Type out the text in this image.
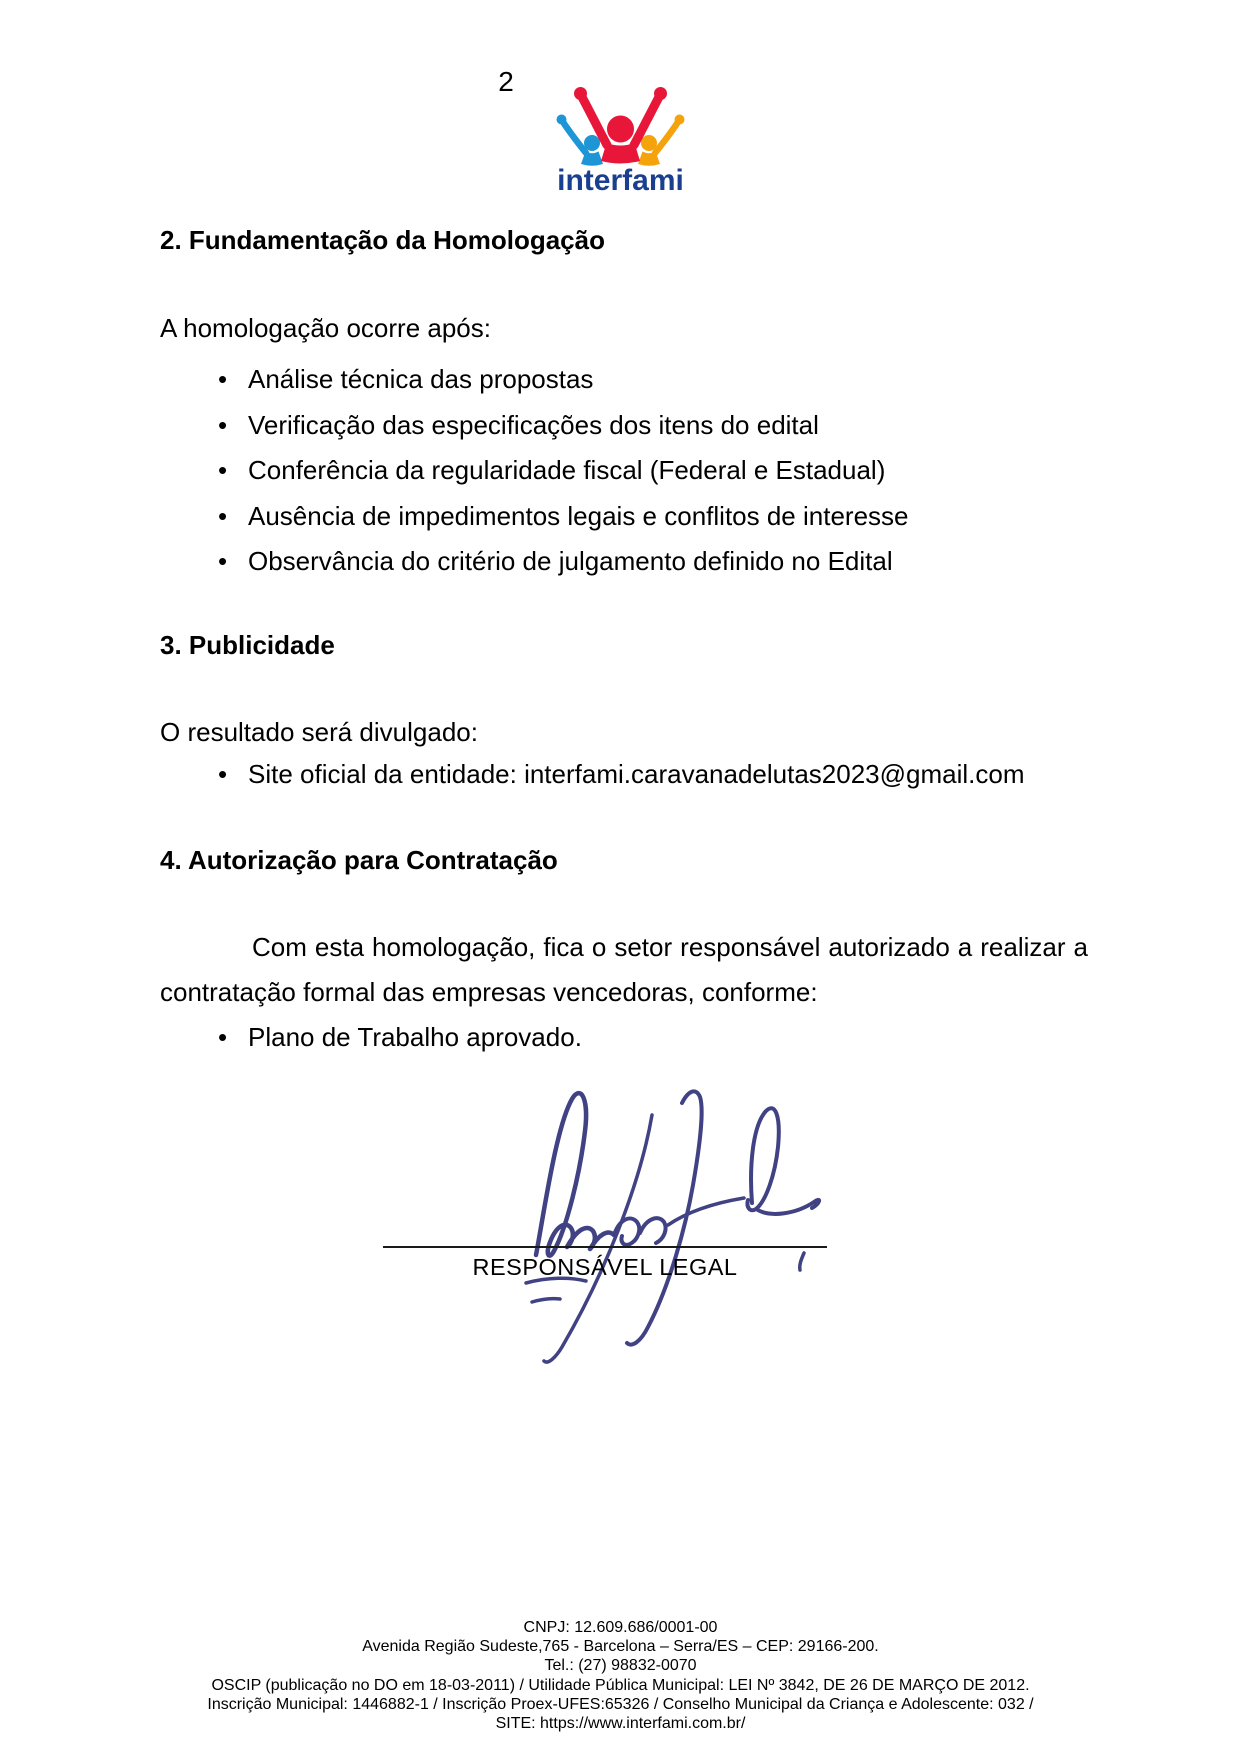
2
interfami
2. Fundamentação da Homologação

A homologação ocorre após:

• Análise técnica das propostas
• Verificação das especificações dos itens do edital
• Conferência da regularidade fiscal (Federal e Estadual)
• Ausência de impedimentos legais e conflitos de interesse
• Observância do critério de julgamento definido no Edital
3. Publicidade

O resultado será divulgado:

• Site oficial da entidade: interfami.caravanadelutas2023@gmail.com
4. Autorização para Contratação

Com esta homologação, fica o setor responsável autorizado a realizar a contratação formal das empresas vencedoras, conforme:

• Plano de Trabalho aprovado.
RESPONSÁVEL LEGAL
CNPJ: 12.609.686/0001-00
Avenida Região Sudeste,765 - Barcelona – Serra/ES – CEP: 29166-200.
Tel.: (27) 98832-0070
OSCIP (publicação no DO em 18-03-2011) / Utilidade Pública Municipal: LEI Nº 3842, DE 26 DE MARÇO DE 2012.
Inscrição Municipal: 1446882-1 / Inscrição Proex-UFES:65326 / Conselho Municipal da Criança e Adolescente: 032 /
SITE: https://www.interfami.com.br/
